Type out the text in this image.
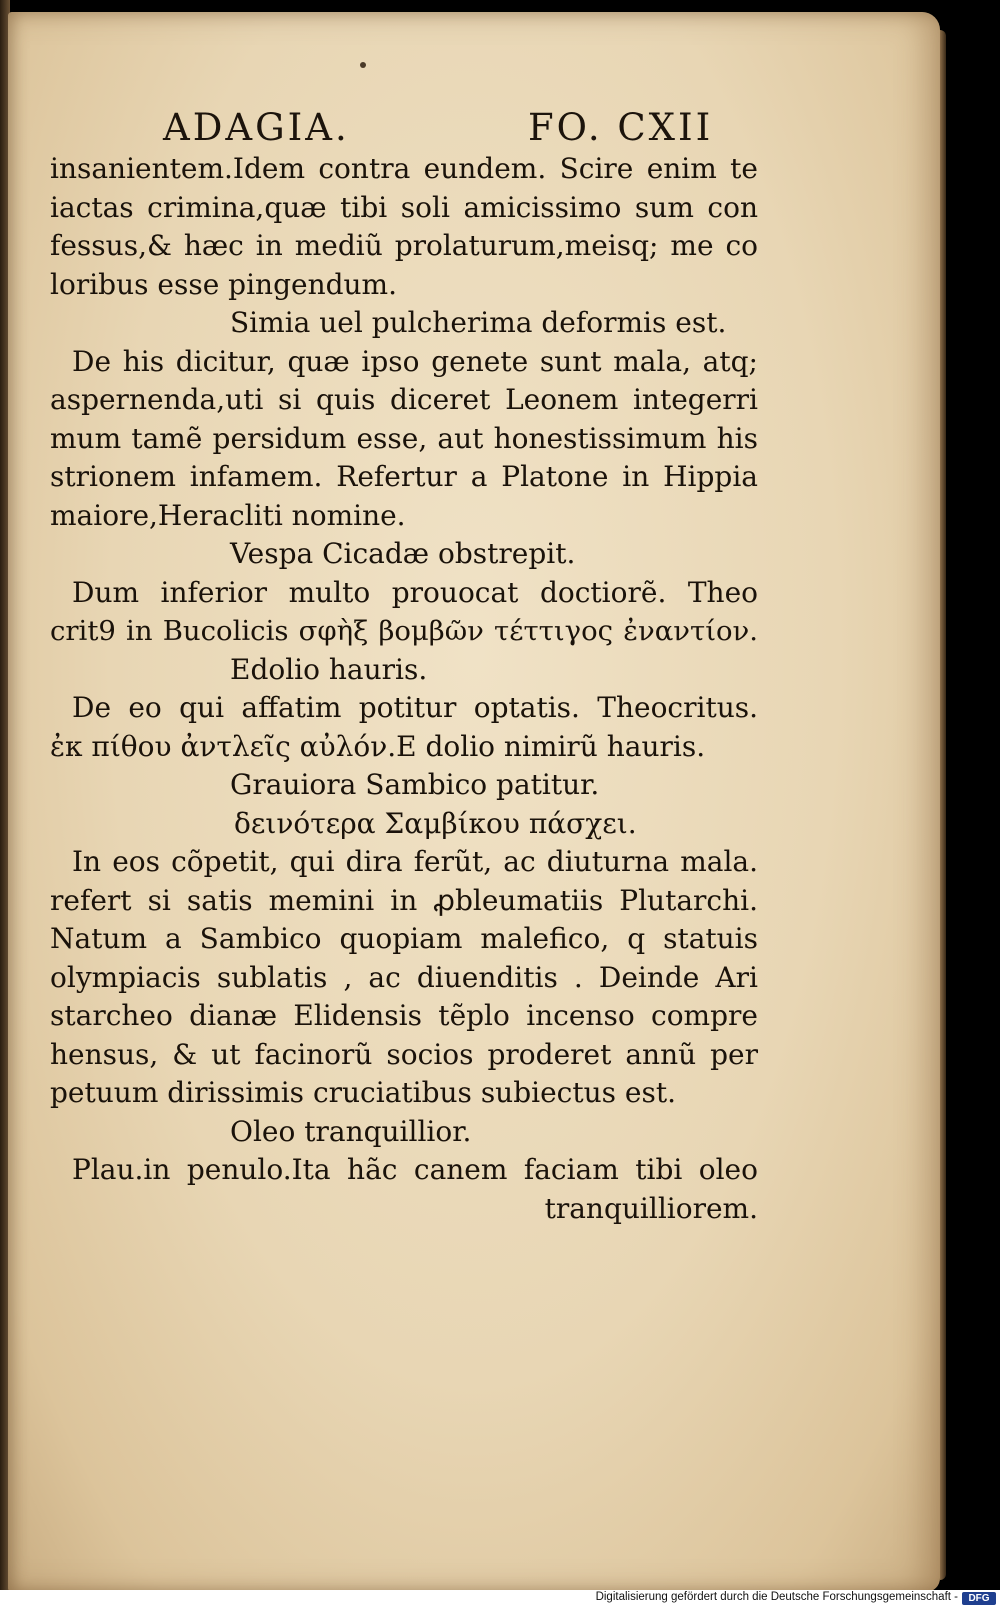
ADAGIA.	FO. CXII
insanientem.Idem contra eundem. Scire enim te
iactas crimina,quæ tibi soli amicissimo sum con
fessus,& hæc in mediũ prolaturum,meisq; me co
loribus esse pingendum.
Simia uel pulcherima deformis est.
De his dicitur, quæ ipso genete sunt mala, atq;
aspernenda,uti si quis diceret Leonem integerri
mum tamẽ persidum esse, aut honestissimum his
strionem infamem. Refertur a Platone in Hippia
maiore,Heracliti nomine.
Vespa Cicadæ obstrepit.
Dum inferior multo prouocat doctiorẽ. Theo
crit9 in Bucolicis σφὴξ βομβῶν τέττιγος ἐναντίον.
Edolio hauris.
De eo qui affatim potitur optatis. Theocritus.
ἐκ πίθου ἀντλεῖς αὐλόν.E dolio nimirũ hauris.
Grauiora Sambico patitur.
δεινότερα Σαμβίκου πάσχει.
In eos cõpetit, qui dira ferũt, ac diuturna mala.
refert si satis memini in ꝓbleumatiis Plutarchi.
Natum a Sambico quopiam malefico, q statuis
olympiacis sublatis , ac diuenditis . Deinde Ari
starcheo dianæ Elidensis tẽplo incenso compre
hensus, & ut facinorũ socios proderet annũ per
petuum dirissimis cruciatibus subiectus est.
Oleo tranquillior.
Plau.in penulo.Ita hãc canem faciam tibi oleo
tranquilliorem.
Digitalisierung gefördert durch die Deutsche Forschungsgemeinschaft -	DFG
